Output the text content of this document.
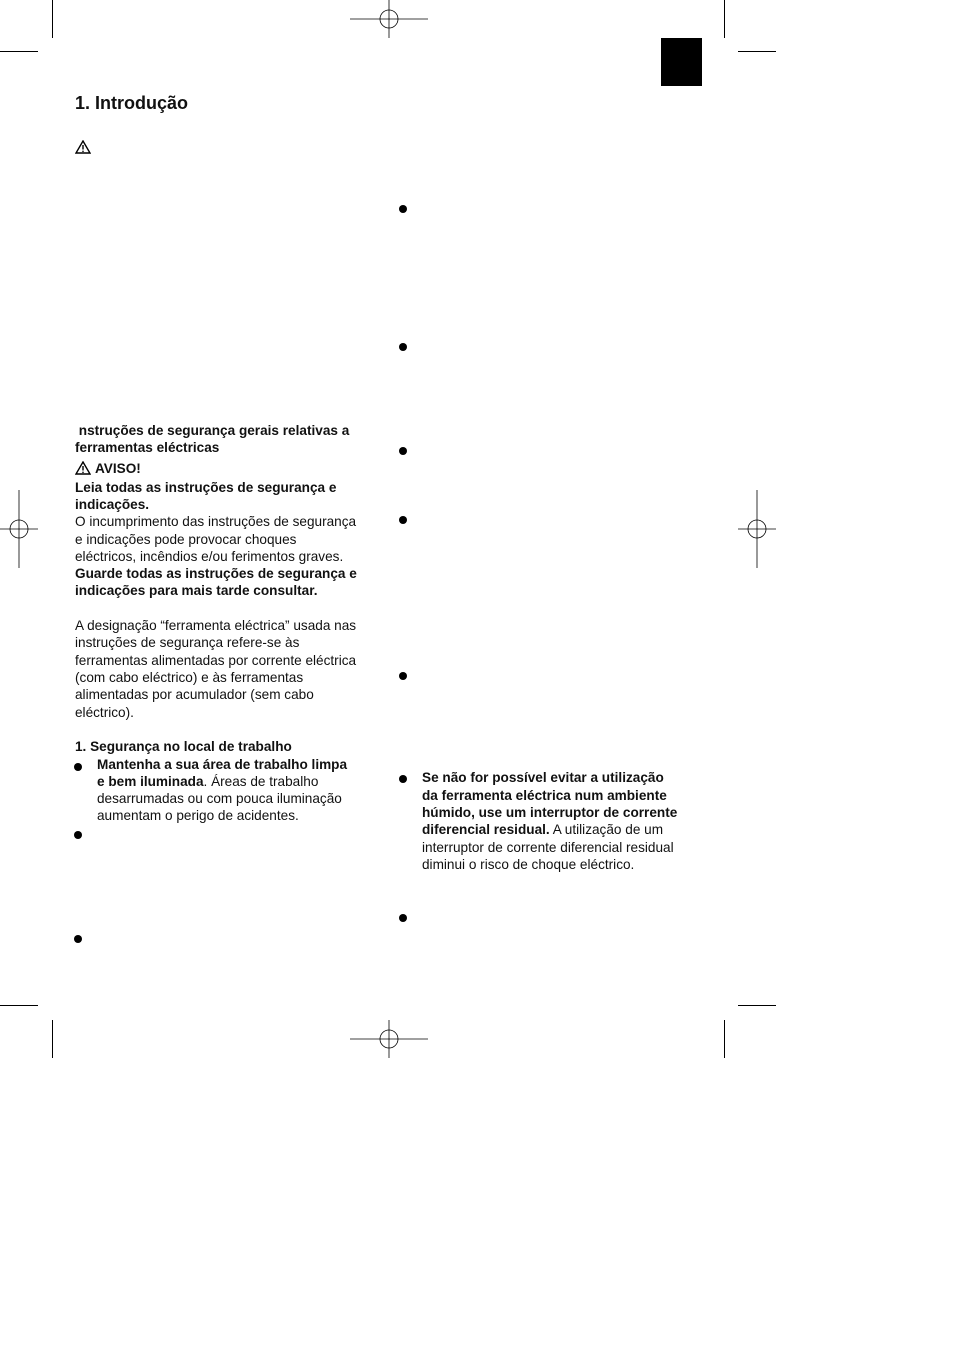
1. Introdução
nstruções de segurança gerais relativas a
ferramentas eléctricas
AVISO!
Leia todas as instruções de segurança e
indicações.
O incumprimento das instruções de segurança
e indicações pode provocar choques
eléctricos, incêndios e/ou ferimentos graves.
Guarde todas as instruções de segurança e
indicações para mais tarde consultar.
A designação “ferramenta eléctrica” usada nas
instruções de segurança refere-se às
ferramentas alimentadas por corrente eléctrica
(com cabo eléctrico) e às ferramentas
alimentadas por acumulador (sem cabo
eléctrico).
1. Segurança no local de trabalho
Mantenha a sua área de trabalho limpa
e bem iluminada. Áreas de trabalho
desarrumadas ou com pouca iluminação
aumentam o perigo de acidentes.
Se não for possível evitar a utilização
da ferramenta eléctrica num ambiente
húmido, use um interruptor de corrente
diferencial residual. A utilização de um
interruptor de corrente diferencial residual
diminui o risco de choque eléctrico.
